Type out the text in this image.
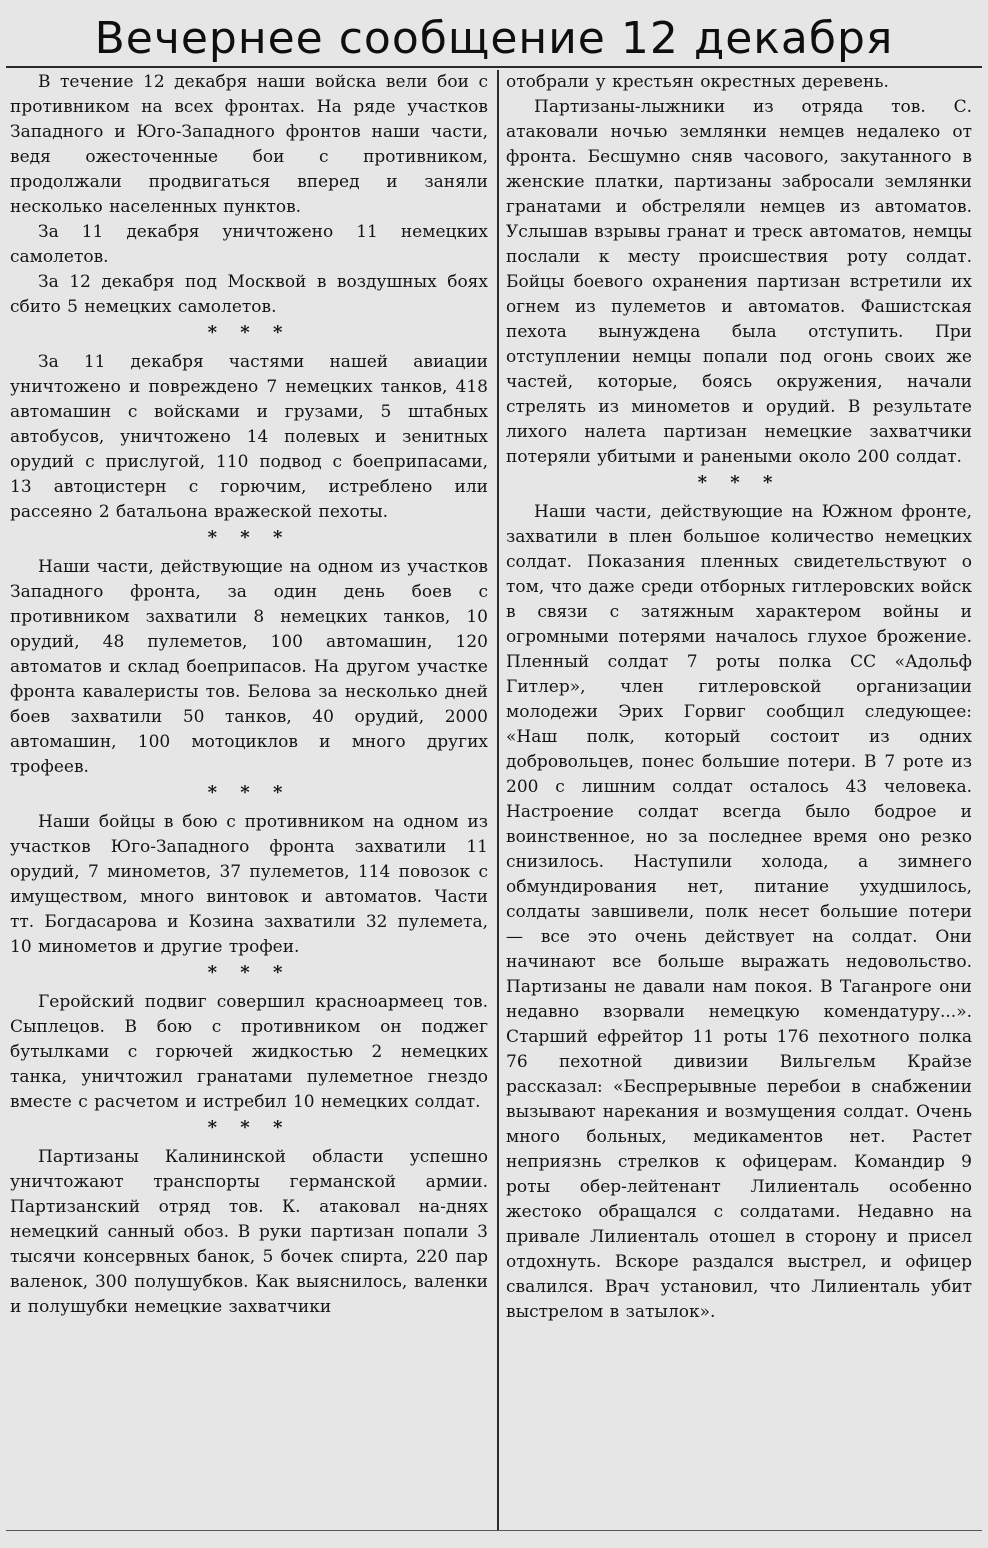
Вечернее сообщение 12 декабря

В течение 12 декабря наши войска вели бои с противником на всех фронтах. На ряде участков Западного и Юго-Западного фронтов наши части, ведя ожесточенные бои с противником, продолжали продвигаться вперед и заняли несколько населенных пунктов.

За 11 декабря уничтожено 11 немецких самолетов.

За 12 декабря под Москвой в воздушных боях сбито 5 немецких самолетов.

* * *

За 11 декабря частями нашей авиации уничтожено и повреждено 7 немецких танков, 418 автомашин с войсками и грузами, 5 штабных автобусов, уничтожено 14 полевых и зенитных орудий с прислугой, 110 подвод с боеприпасами, 13 автоцистерн с горючим, истреблено или рассеяно 2 батальона вражеской пехоты.

* * *

Наши части, действующие на одном из участков Западного фронта, за один день боев с противником захватили 8 немецких танков, 10 орудий, 48 пулеметов, 100 автомашин, 120 автоматов и склад боеприпасов. На другом участке фронта кавалеристы тов. Белова за несколько дней боев захватили 50 танков, 40 орудий, 2000 автомашин, 100 мотоциклов и много других трофеев.

* * *

Наши бойцы в бою с противником на одном из участков Юго-Западного фронта захватили 11 орудий, 7 минометов, 37 пулеметов, 114 повозок с имуществом, много винтовок и автоматов. Части тт. Богдасарова и Козина захватили 32 пулемета, 10 минометов и другие трофеи.

* * *

Геройский подвиг совершил красноармеец тов. Сыплецов. В бою с противником он поджег бутылками с горючей жидкостью 2 немецких танка, уничтожил гранатами пулеметное гнездо вместе с расчетом и истребил 10 немецких солдат.

* * *

Партизаны Калининской области успешно уничтожают транспорты германской армии. Партизанский отряд тов. К. атаковал на-днях немецкий санный обоз. В руки партизан попали 3 тысячи консервных банок, 5 бочек спирта, 220 пар валенок, 300 полушубков. Как выяснилось, валенки и полушубки немецкие захватчики

отобрали у крестьян окрестных деревень.

Партизаны-лыжники из отряда тов. С. атаковали ночью землянки немцев недалеко от фронта. Бесшумно сняв часового, закутанного в женские платки, партизаны забросали землянки гранатами и обстреляли немцев из автоматов. Услышав взрывы гранат и треск автоматов, немцы послали к месту происшествия роту солдат. Бойцы боевого охранения партизан встретили их огнем из пулеметов и автоматов. Фашистская пехота вынуждена была отступить. При отступлении немцы попали под огонь своих же частей, которые, боясь окружения, начали стрелять из минометов и орудий. В результате лихого налета партизан немецкие захватчики потеряли убитыми и ранеными около 200 солдат.

* * *

Наши части, действующие на Южном фронте, захватили в плен большое количество немецких солдат. Показания пленных свидетельствуют о том, что даже среди отборных гитлеровских войск в связи с затяжным характером войны и огромными потерями началось глухое брожение. Пленный солдат 7 роты полка СС «Адольф Гитлер», член гитлеровской организации молодежи Эрих Горвиг сообщил следующее: «Наш полк, который состоит из одних добровольцев, понес большие потери. В 7 роте из 200 с лишним солдат осталось 43 человека. Настроение солдат всегда было бодрое и воинственное, но за последнее время оно резко снизилось. Наступили холода, а зимнего обмундирования нет, питание ухудшилось, солдаты завшивели, полк несет большие потери — все это очень действует на солдат. Они начинают все больше выражать недовольство. Партизаны не давали нам покоя. В Таганроге они недавно взорвали немецкую комендатуру...». Старший ефрейтор 11 роты 176 пехотного полка 76 пехотной дивизии Вильгельм Крайзе рассказал: «Беспрерывные перебои в снабжении вызывают нарекания и возмущения солдат. Очень много больных, медикаментов нет. Растет неприязнь стрелков к офицерам. Командир 9 роты обер-лейтенант Лилиенталь особенно жестоко обращался с солдатами. Недавно на привале Лилиенталь отошел в сторону и присел отдохнуть. Вскоре раздался выстрел, и офицер свалился. Врач установил, что Лилиенталь убит выстрелом в затылок».
